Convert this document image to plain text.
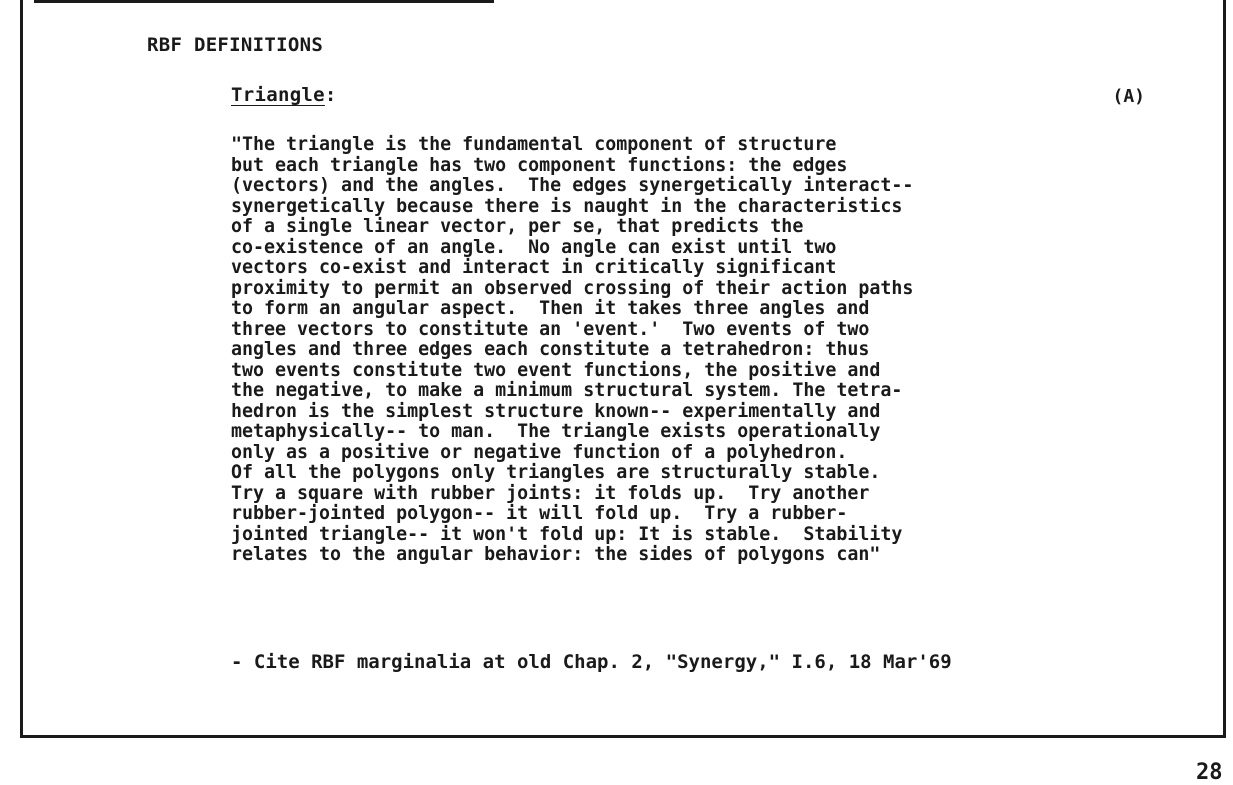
RBF DEFINITIONS
Triangle:	(A)
"The triangle is the fundamental component of structure
but each triangle has two component functions: the edges
(vectors) and the angles.  The edges synergetically interact--
synergetically because there is naught in the characteristics
of a single linear vector, per se, that predicts the
co-existence of an angle.  No angle can exist until two
vectors co-exist and interact in critically significant
proximity to permit an observed crossing of their action paths
to form an angular aspect.  Then it takes three angles and
three vectors to constitute an 'event.'  Two events of two
angles and three edges each constitute a tetrahedron: thus
two events constitute two event functions, the positive and
the negative, to make a minimum structural system. The tetra-
hedron is the simplest structure known-- experimentally and
metaphysically-- to man.  The triangle exists operationally
only as a positive or negative function of a polyhedron.
Of all the polygons only triangles are structurally stable.
Try a square with rubber joints: it folds up.  Try another
rubber-jointed polygon-- it will fold up.  Try a rubber-
jointed triangle-- it won't fold up: It is stable.  Stability
relates to the angular behavior: the sides of polygons can"
- Cite RBF marginalia at old Chap. 2, "Synergy," I.6, 18 Mar'69
28
